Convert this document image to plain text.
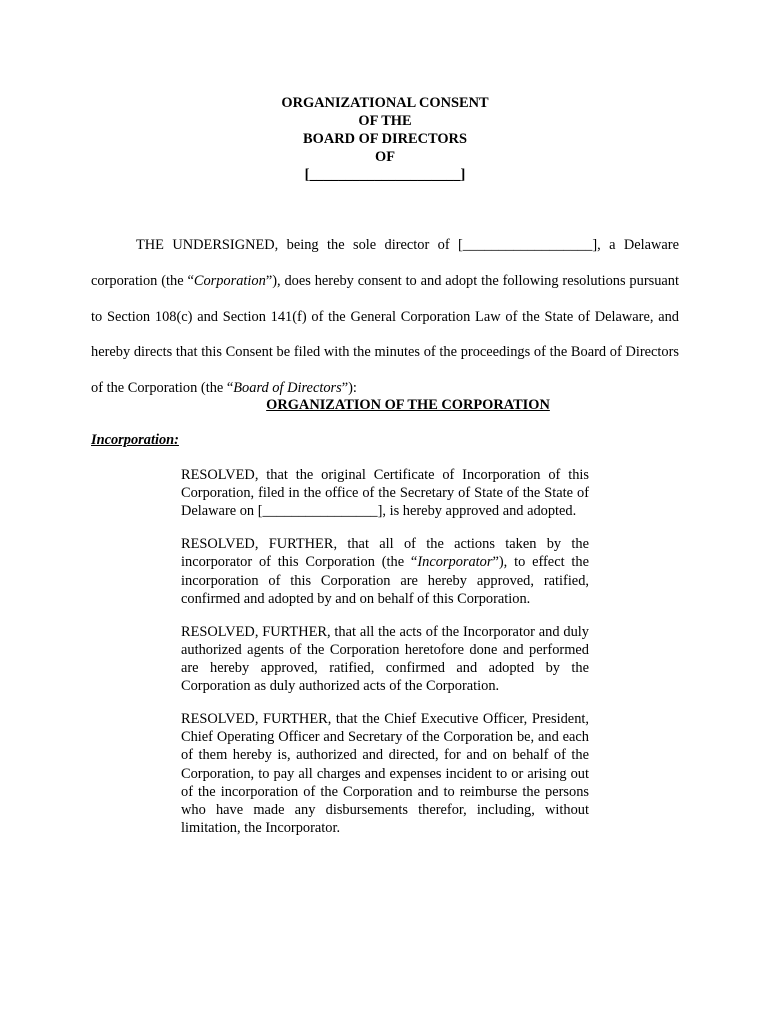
ORGANIZATIONAL CONSENT
OF THE
BOARD OF DIRECTORS
OF
[_____________________]

THE UNDERSIGNED, being the sole director of [__________________], a Delaware corporation (the “Corporation”), does hereby consent to and adopt the following resolutions pursuant to Section 108(c) and Section 141(f) of the General Corporation Law of the State of Delaware, and hereby directs that this Consent be filed with the minutes of the proceedings of the Board of Directors of the Corporation (the “Board of Directors”):

ORGANIZATION OF THE CORPORATION
Incorporation:

RESOLVED, that the original Certificate of Incorporation of this Corporation, filed in the office of the Secretary of State of the State of Delaware on [________________], is hereby approved and adopted.

RESOLVED, FURTHER, that all of the actions taken by the incorporator of this Corporation (the “Incorporator”), to effect the incorporation of this Corporation are hereby approved, ratified, confirmed and adopted by and on behalf of this Corporation.

RESOLVED, FURTHER, that all the acts of the Incorporator and duly authorized agents of the Corporation heretofore done and performed are hereby approved, ratified, confirmed and adopted by the Corporation as duly authorized acts of the Corporation.

RESOLVED, FURTHER, that the Chief Executive Officer, President, Chief Operating Officer and Secretary of the Corporation be, and each of them hereby is, authorized and directed, for and on behalf of the Corporation, to pay all charges and expenses incident to or arising out of the incorporation of the Corporation and to reimburse the persons who have made any disbursements therefor, including, without limitation, the Incorporator.
